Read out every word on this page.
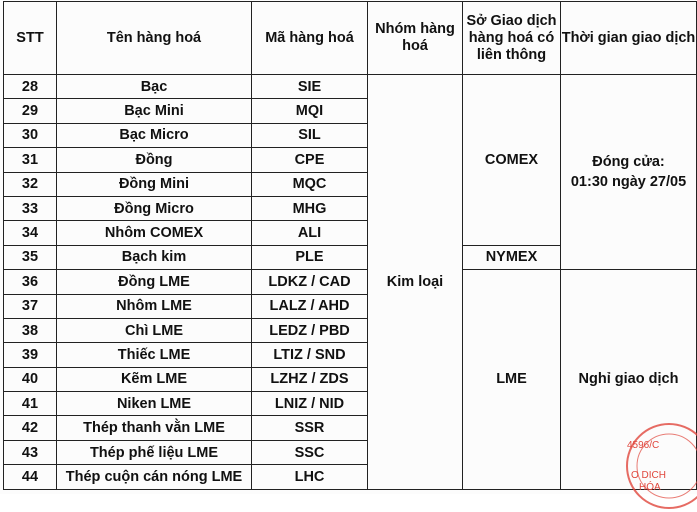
STT	Tên hàng hoá	Mã hàng hoá	Nhóm hàng hoá	Sở Giao dịch hàng hoá có liên thông	Thời gian giao dịch
28	Bạc	SIE	Kim loại	COMEX	Đóng cửa:
01:30 ngày 27/05
29	Bạc Mini	MQI			
30	Bạc Micro	SIL			
31	Đồng	CPE			
32	Đồng Mini	MQC			
33	Đồng Micro	MHG			
34	Nhôm COMEX	ALI			
35	Bạch kim	PLE		NYMEX	
36	Đồng LME	LDKZ / CAD		LME	Nghỉ giao dịch
37	Nhôm LME	LALZ / AHD			
38	Chì LME	LEDZ / PBD			
39	Thiếc LME	LTIZ / SND			
40	Kẽm LME	LZHZ / ZDS			
41	Niken LME	LNIZ / NID			
42	Thép thanh vằn LME	SSR			
43	Thép phế liệu LME	SSC			
44	Thép cuộn cán nóng LME	LHC			
4596/C
O DICH
HÓA
